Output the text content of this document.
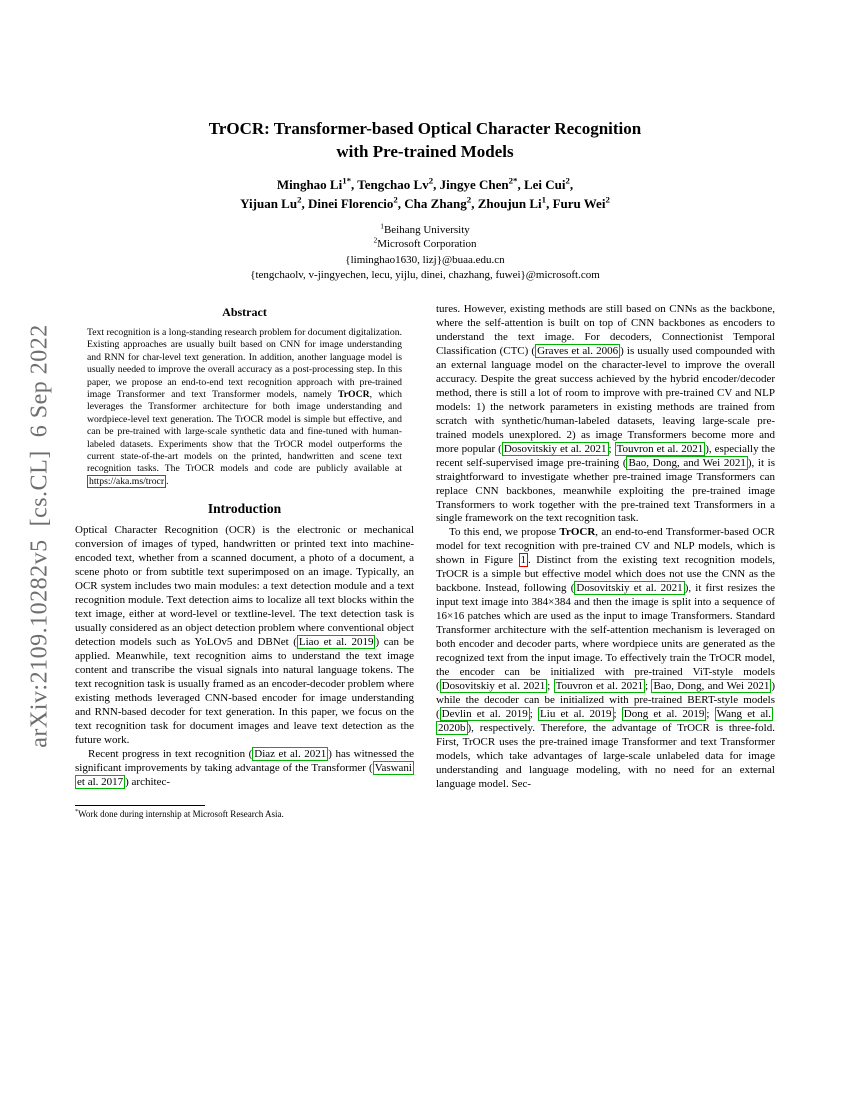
arXiv:2109.10282v5  [cs.CL]  6 Sep 2022
TrOCR: Transformer-based Optical Character Recognition
with Pre-trained Models
Minghao $Li^{1*}$, Tengchao Lv$^2$, Jingye Chen$^{2*}$, Lei Cui$^2$,
Yijuan Lu$^2$, Dinei Florencio$^2$, Cha Zhang$^2$, Zhoujun Li$^1$, Furu Wei$^2$
$^1$Beihang University
$^2$Microsoft Corporation
{liminghao1630, lizj}@buaa.edu.cn
{tengchaolv, v-jingyechen, lecu, yijlu, dinei, chazhang, fuwei}@microsoft.com
Abstract

Text recognition is a long-standing research problem for document digitalization. Existing approaches are usually built based on CNN for image understanding and RNN for char-level text generation. In addition, another language model is usually needed to improve the overall accuracy as a post-processing step. In this paper, we propose an end-to-end text recognition approach with pre-trained image Transformer and text Transformer models, namely TrOCR, which leverages the Transformer architecture for both image understanding and wordpiece-level text generation. The TrOCR model is simple but effective, and can be pre-trained with large-scale synthetic data and fine-tuned with human-labeled datasets. Experiments show that the TrOCR model outperforms the current state-of-the-art models on the printed, handwritten and scene text recognition tasks. The TrOCR models and code are publicly available at https://aka.ms/trocr .

Introduction

Optical Character Recognition (OCR) is the electronic or mechanical conversion of images of typed, handwritten or printed text into machine-encoded text, whether from a scanned document, a photo of a document, a scene photo or from subtitle text superimposed on an image. Typically, an OCR system includes two main modules: a text detection module and a text recognition module. Text detection aims to localize all text blocks within the text image, either at word-level or textline-level. The text detection task is usually considered as an object detection problem where conventional object detection models such as YoLOv5 and DBNet ( Liao et al. 2019 ) can be applied. Meanwhile, text recognition aims to understand the text image content and transcribe the visual signals into natural language tokens. The text recognition task is usually framed as an encoder-decoder problem where existing methods leveraged CNN-based encoder for image understanding and RNN-based decoder for text generation. In this paper, we focus on the text recognition task for document images and leave text detection as the future work.

Recent progress in text recognition ( Diaz et al. 2021 ) has witnessed the significant improvements by taking advantage of the Transformer ( Vaswani et al. 2017 ) architec-

*Work done during internship at Microsoft Research Asia.

tures. However, existing methods are still based on CNNs as the backbone, where the self-attention is built on top of CNN backbones as encoders to understand the text image. For decoders, Connectionist Temporal Classification (CTC) ( Graves et al. 2006 ) is usually used compounded with an external language model on the character-level to improve the overall accuracy. Despite the great success achieved by the hybrid encoder/decoder method, there is still a lot of room to improve with pre-trained CV and NLP models: 1) the network parameters in existing methods are trained from scratch with synthetic/human-labeled datasets, leaving large-scale pre-trained models unexplored. 2) as image Transformers become more and more popular ( Dosovitskiy et al. 2021 ; Touvron et al. 2021 ), especially the recent self-supervised image pre-training ( Bao, Dong, and Wei 2021 ), it is straightforward to investigate whether pre-trained image Transformers can replace CNN backbones, meanwhile exploiting the pre-trained image Transformers to work together with the pre-trained text Transformers in a single framework on the text recognition task.

To this end, we propose TrOCR, an end-to-end Transformer-based OCR model for text recognition with pre-trained CV and NLP models, which is shown in Figure 1 . Distinct from the existing text recognition models, TrOCR is a simple but effective model which does not use the CNN as the backbone. Instead, following ( Dosovitskiy et al. 2021 ), it first resizes the input text image into 384×384 and then the image is split into a sequence of 16×16 patches which are used as the input to image Transformers. Standard Transformer architecture with the self-attention mechanism is leveraged on both encoder and decoder parts, where wordpiece units are generated as the recognized text from the input image. To effectively train the TrOCR model, the encoder can be initialized with pre-trained ViT-style models ( Dosovitskiy et al. 2021 ; Touvron et al. 2021 ; Bao, Dong, and Wei 2021 ) while the decoder can be initialized with pre-trained BERT-style models ( Devlin et al. 2019 ; Liu et al. 2019 ; Dong et al. 2019 ; Wang et al. 2020b ), respectively. Therefore, the advantage of TrOCR is three-fold. First, TrOCR uses the pre-trained image Transformer and text Transformer models, which take advantages of large-scale unlabeled data for image understanding and language modeling, with no need for an external language model. Sec-
